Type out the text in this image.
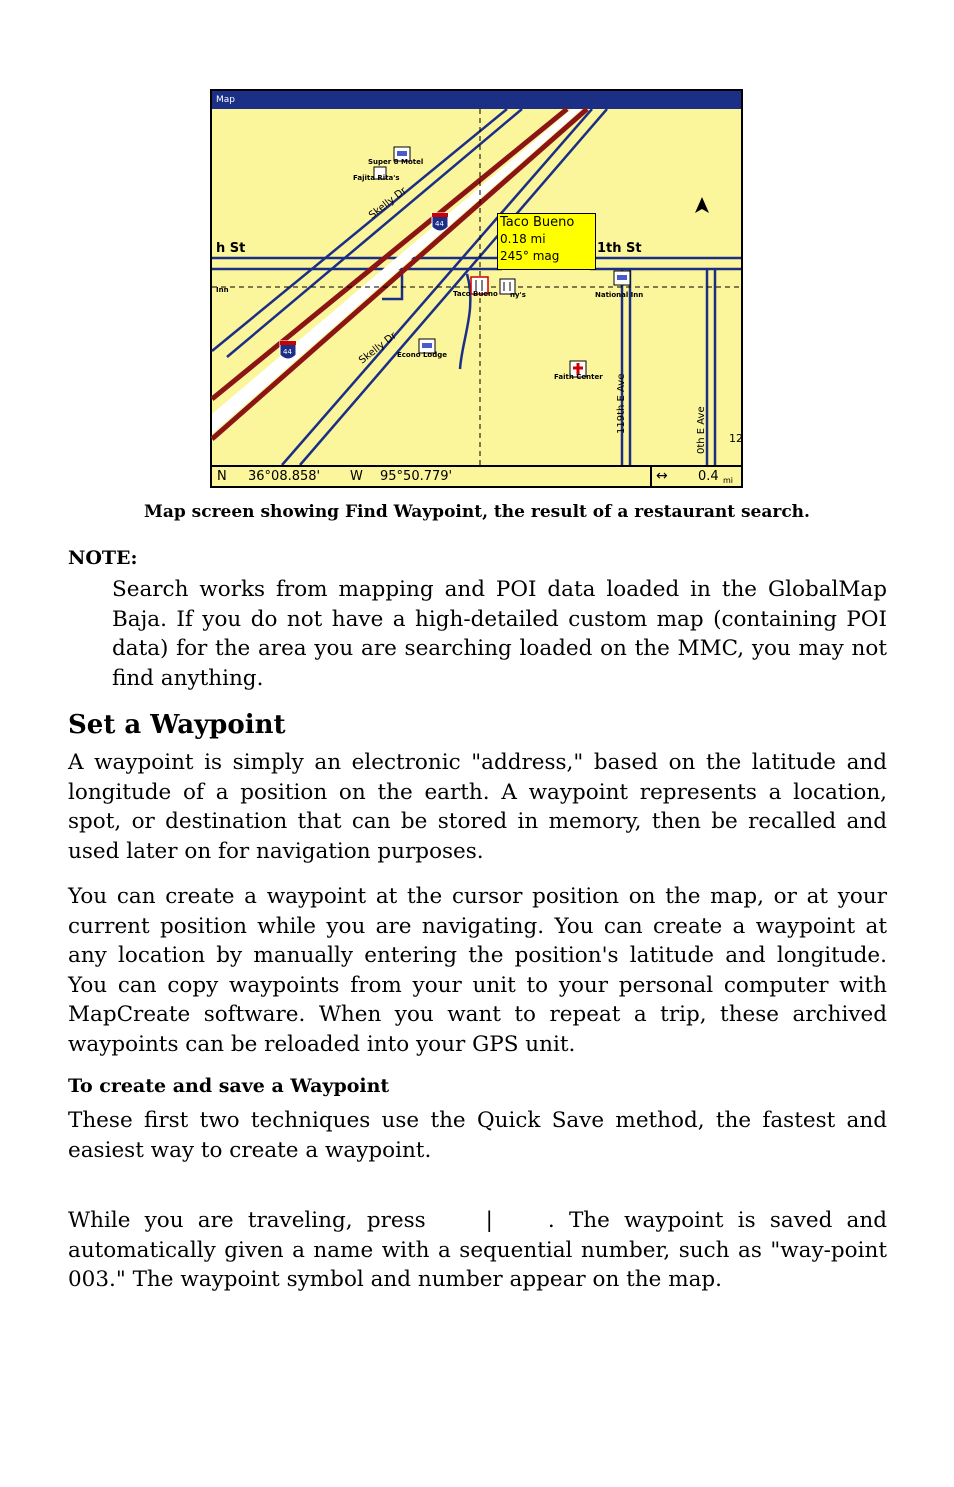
Map
44
44
h St	1th St
Skelly Dr
Skelly Dr
119th E Ave	0th E Ave 12
Super 8 Motel
Fajita Rita's
Taco Bueno ny's	National Inn
Econo Lodge
Faith Center
Inn
Taco Bueno
0.18 mi
245° mag
N 36°08.858' W 95°50.779'	↔ 0.4 mi
Map screen showing Find Waypoint, the result of a restaurant search.
NOTE:

Search works from mapping and POI data loaded in the GlobalMap Baja. If you do not have a high-detailed custom map (containing POI data) for the area you are searching loaded on the MMC, you may not find anything.

Set a Waypoint

A waypoint is simply an electronic "address," based on the latitude and longitude of a position on the earth. A waypoint represents a location, spot, or destination that can be stored in memory, then be recalled and used later on for navigation purposes.

You can create a waypoint at the cursor position on the map, or at your current position while you are navigating. You can create a waypoint at any location by manually entering the position's latitude and longitude. You can copy waypoints from your unit to your personal computer with MapCreate software. When you want to repeat a trip, these archived waypoints can be reloaded into your GPS unit.

To create and save a Waypoint

These first two techniques use the Quick Save method, the fastest and easiest way to create a waypoint.

While you are traveling, press	|	. The waypoint is saved and automatically given a name with a sequential number, such as "way-point 003." The waypoint symbol and number appear on the map.
